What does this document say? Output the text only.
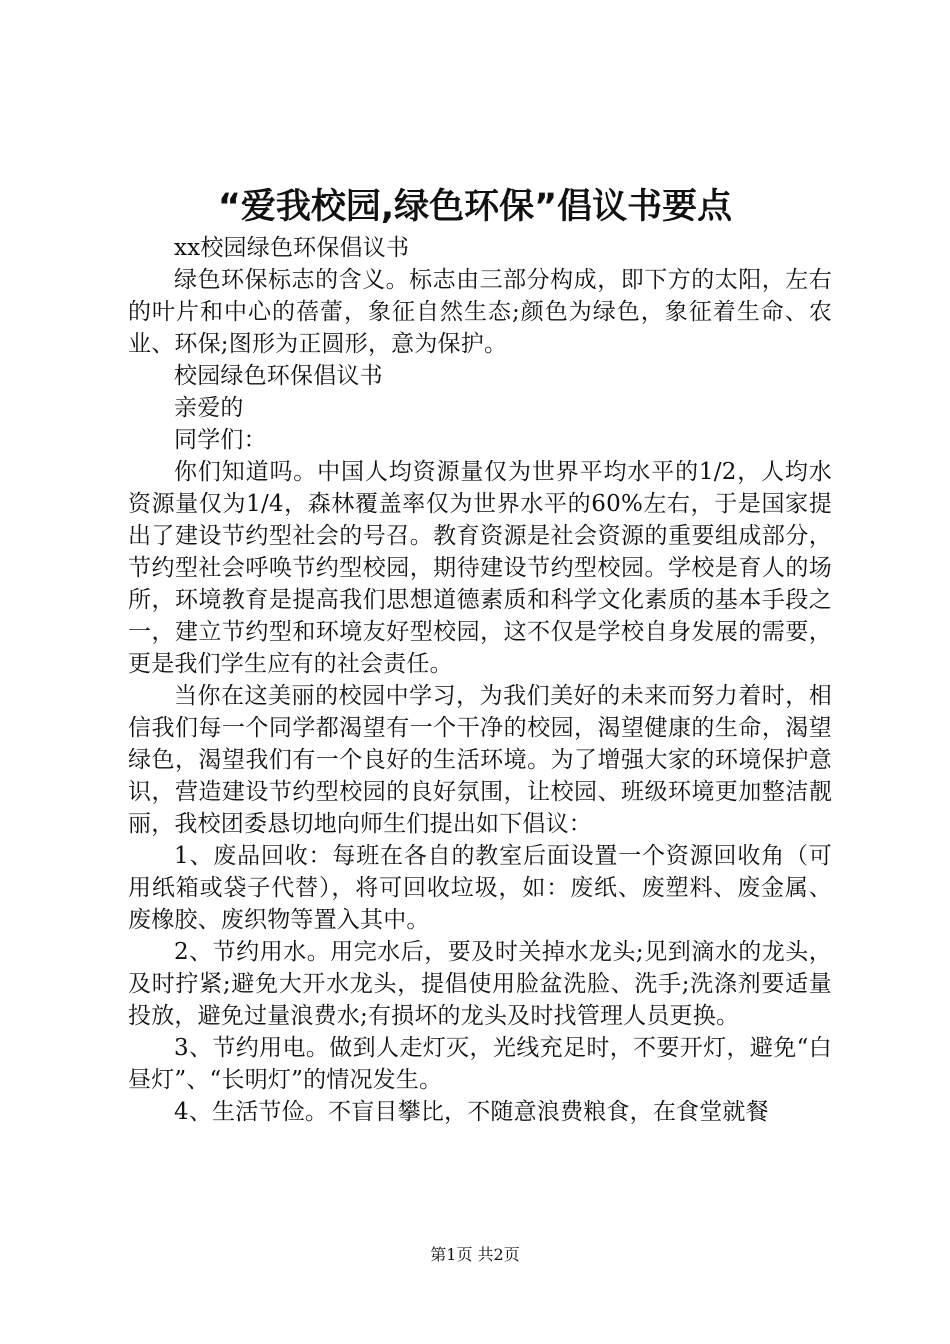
“爱我校园,绿色环保”倡议书要点

xx校园绿色环保倡议书

绿色环保标志的含义。标志由三部分构成，即下方的太阳，左右的叶片和中心的蓓蕾，象征自然生态;颜色为绿色，象征着生命、农业、环保;图形为正圆形，意为保护。

校园绿色环保倡议书

亲爱的

同学们：

你们知道吗。中国人均资源量仅为世界平均水平的1/2，人均水资源量仅为1/4，森林覆盖率仅为世界水平的60%左右，于是国家提出了建设节约型社会的号召。教育资源是社会资源的重要组成部分，节约型社会呼唤节约型校园，期待建设节约型校园。学校是育人的场所，环境教育是提高我们思想道德素质和科学文化素质的基本手段之一，建立节约型和环境友好型校园，这不仅是学校自身发展的需要，更是我们学生应有的社会责任。

当你在这美丽的校园中学习，为我们美好的未来而努力着时，相信我们每一个同学都渴望有一个干净的校园，渴望健康的生命，渴望绿色，渴望我们有一个良好的生活环境。为了增强大家的环境保护意识，营造建设节约型校园的良好氛围，让校园、班级环境更加整洁靓丽，我校团委恳切地向师生们提出如下倡议：

1、废品回收：每班在各自的教室后面设置一个资源回收角（可用纸箱或袋子代替），将可回收垃圾，如：废纸、废塑料、废金属、废橡胶、废织物等置入其中。

2、节约用水。用完水后，要及时关掉水龙头;见到滴水的龙头，及时拧紧;避免大开水龙头，提倡使用脸盆洗脸、洗手;洗涤剂要适量投放，避免过量浪费水;有损坏的龙头及时找管理人员更换。

3、节约用电。做到人走灯灭，光线充足时，不要开灯，避免“白昼灯”、“长明灯”的情况发生。

4、生活节俭。不盲目攀比，不随意浪费粮食，在食堂就餐

第1页 共2页
